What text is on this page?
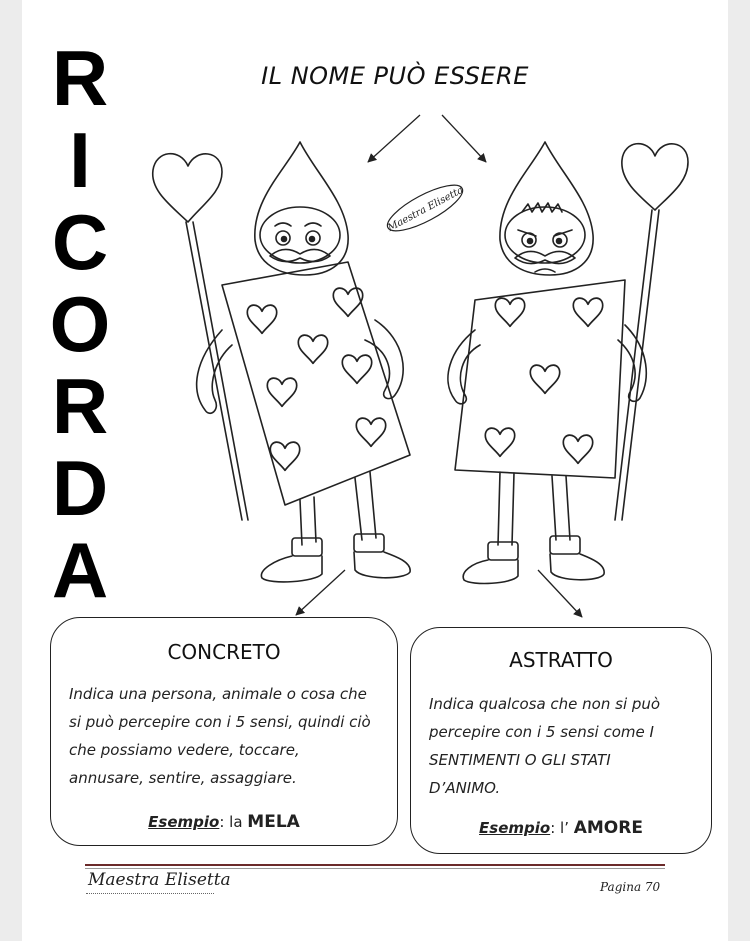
R
I
C
O
R
D
A
IL NOME PUÒ ESSERE
Maestra Elisetta
CONCRETO
Indica una persona, animale o cosa che
si può percepire con i 5 sensi, quindi ciò
che possiamo vedere, toccare,
annusare, sentire, assaggiare.
Esempio: la MELA
ASTRATTO
Indica qualcosa che non si può
percepire con i 5 sensi come I
SENTIMENTI O GLI STATI
D’ANIMO.
Esempio: l’ AMORE
Maestra Elisetta	Pagina 70
